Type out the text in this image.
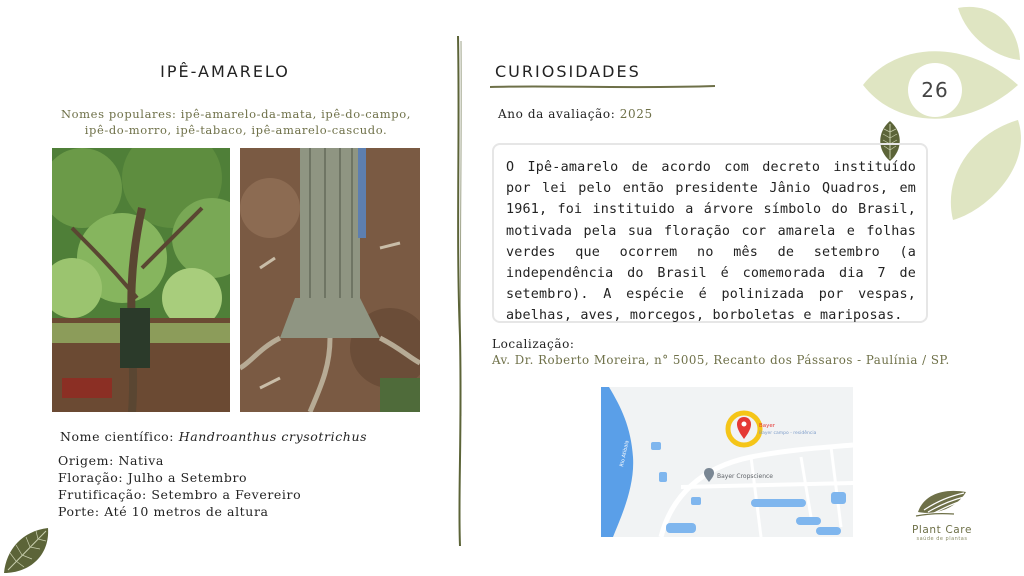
26
IPÊ-AMARELO
Nomes populares: ipê-amarelo-da-mata, ipê-do-campo,
ipê-do-morro, ipê-tabaco, ipê-amarelo-cascudo.
Nome científico: Handroanthus crysotrichus
Origem: Nativa
Floração: Julho a Setembro
Frutificação: Setembro a Fevereiro
Porte: Até 10 metros de altura
CURIOSIDADES
Ano da avaliação: 2025
O Ipê-amarelo de acordo com decreto instituído por lei pelo então presidente Jânio Quadros, em 1961, foi instituido a árvore símbolo do Brasil, motivada pela sua floração cor amarela e folhas verdes que ocorrem no mês de setembro (a independência do Brasil é comemorada dia 7 de setembro). A espécie é polinizada por vespas, abelhas, aves, morcegos, borboletas e mariposas.
Localização:
Av. Dr. Roberto Moreira, n° 5005, Recanto dos Pássaros - Paulínia / SP.
Bayer
Bayer campo - residência
Bayer Cropscience
Rio Atibaia
Plant Care
saúde de plantas
